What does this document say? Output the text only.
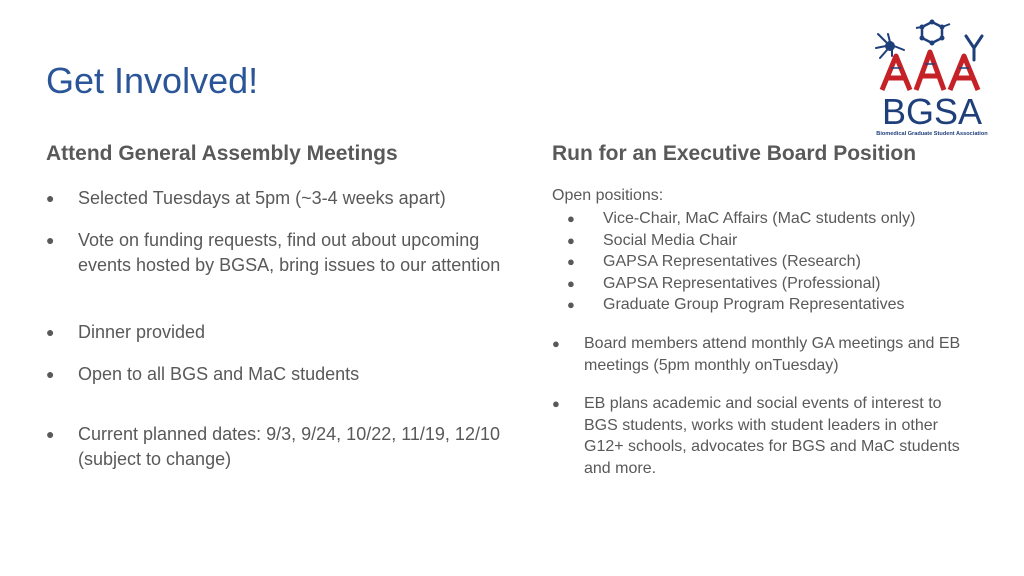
Get Involved!
BGSA
Biomedical Graduate Student Association
Attend General Assembly Meetings
● Selected Tuesdays at 5pm (~3-4 weeks apart)
● Vote on funding requests, find out about upcoming events hosted by BGSA, bring issues to our attention
● Dinner provided
● Open to all BGS and MaC students
● Current planned dates: 9/3, 9/24, 10/22, 11/19, 12/10 (subject to change)
Run for an Executive Board Position
Open positions:
● Vice-Chair, MaC Affairs (MaC students only)
● Social Media Chair
● GAPSA Representatives (Research)
● GAPSA Representatives (Professional)
● Graduate Group Program Representatives
● Board members attend monthly GA meetings and EB meetings (5pm monthly onTuesday)
● EB plans academic and social events of interest to BGS students, works with student leaders in other G12+ schools, advocates for BGS and MaC students and more.
